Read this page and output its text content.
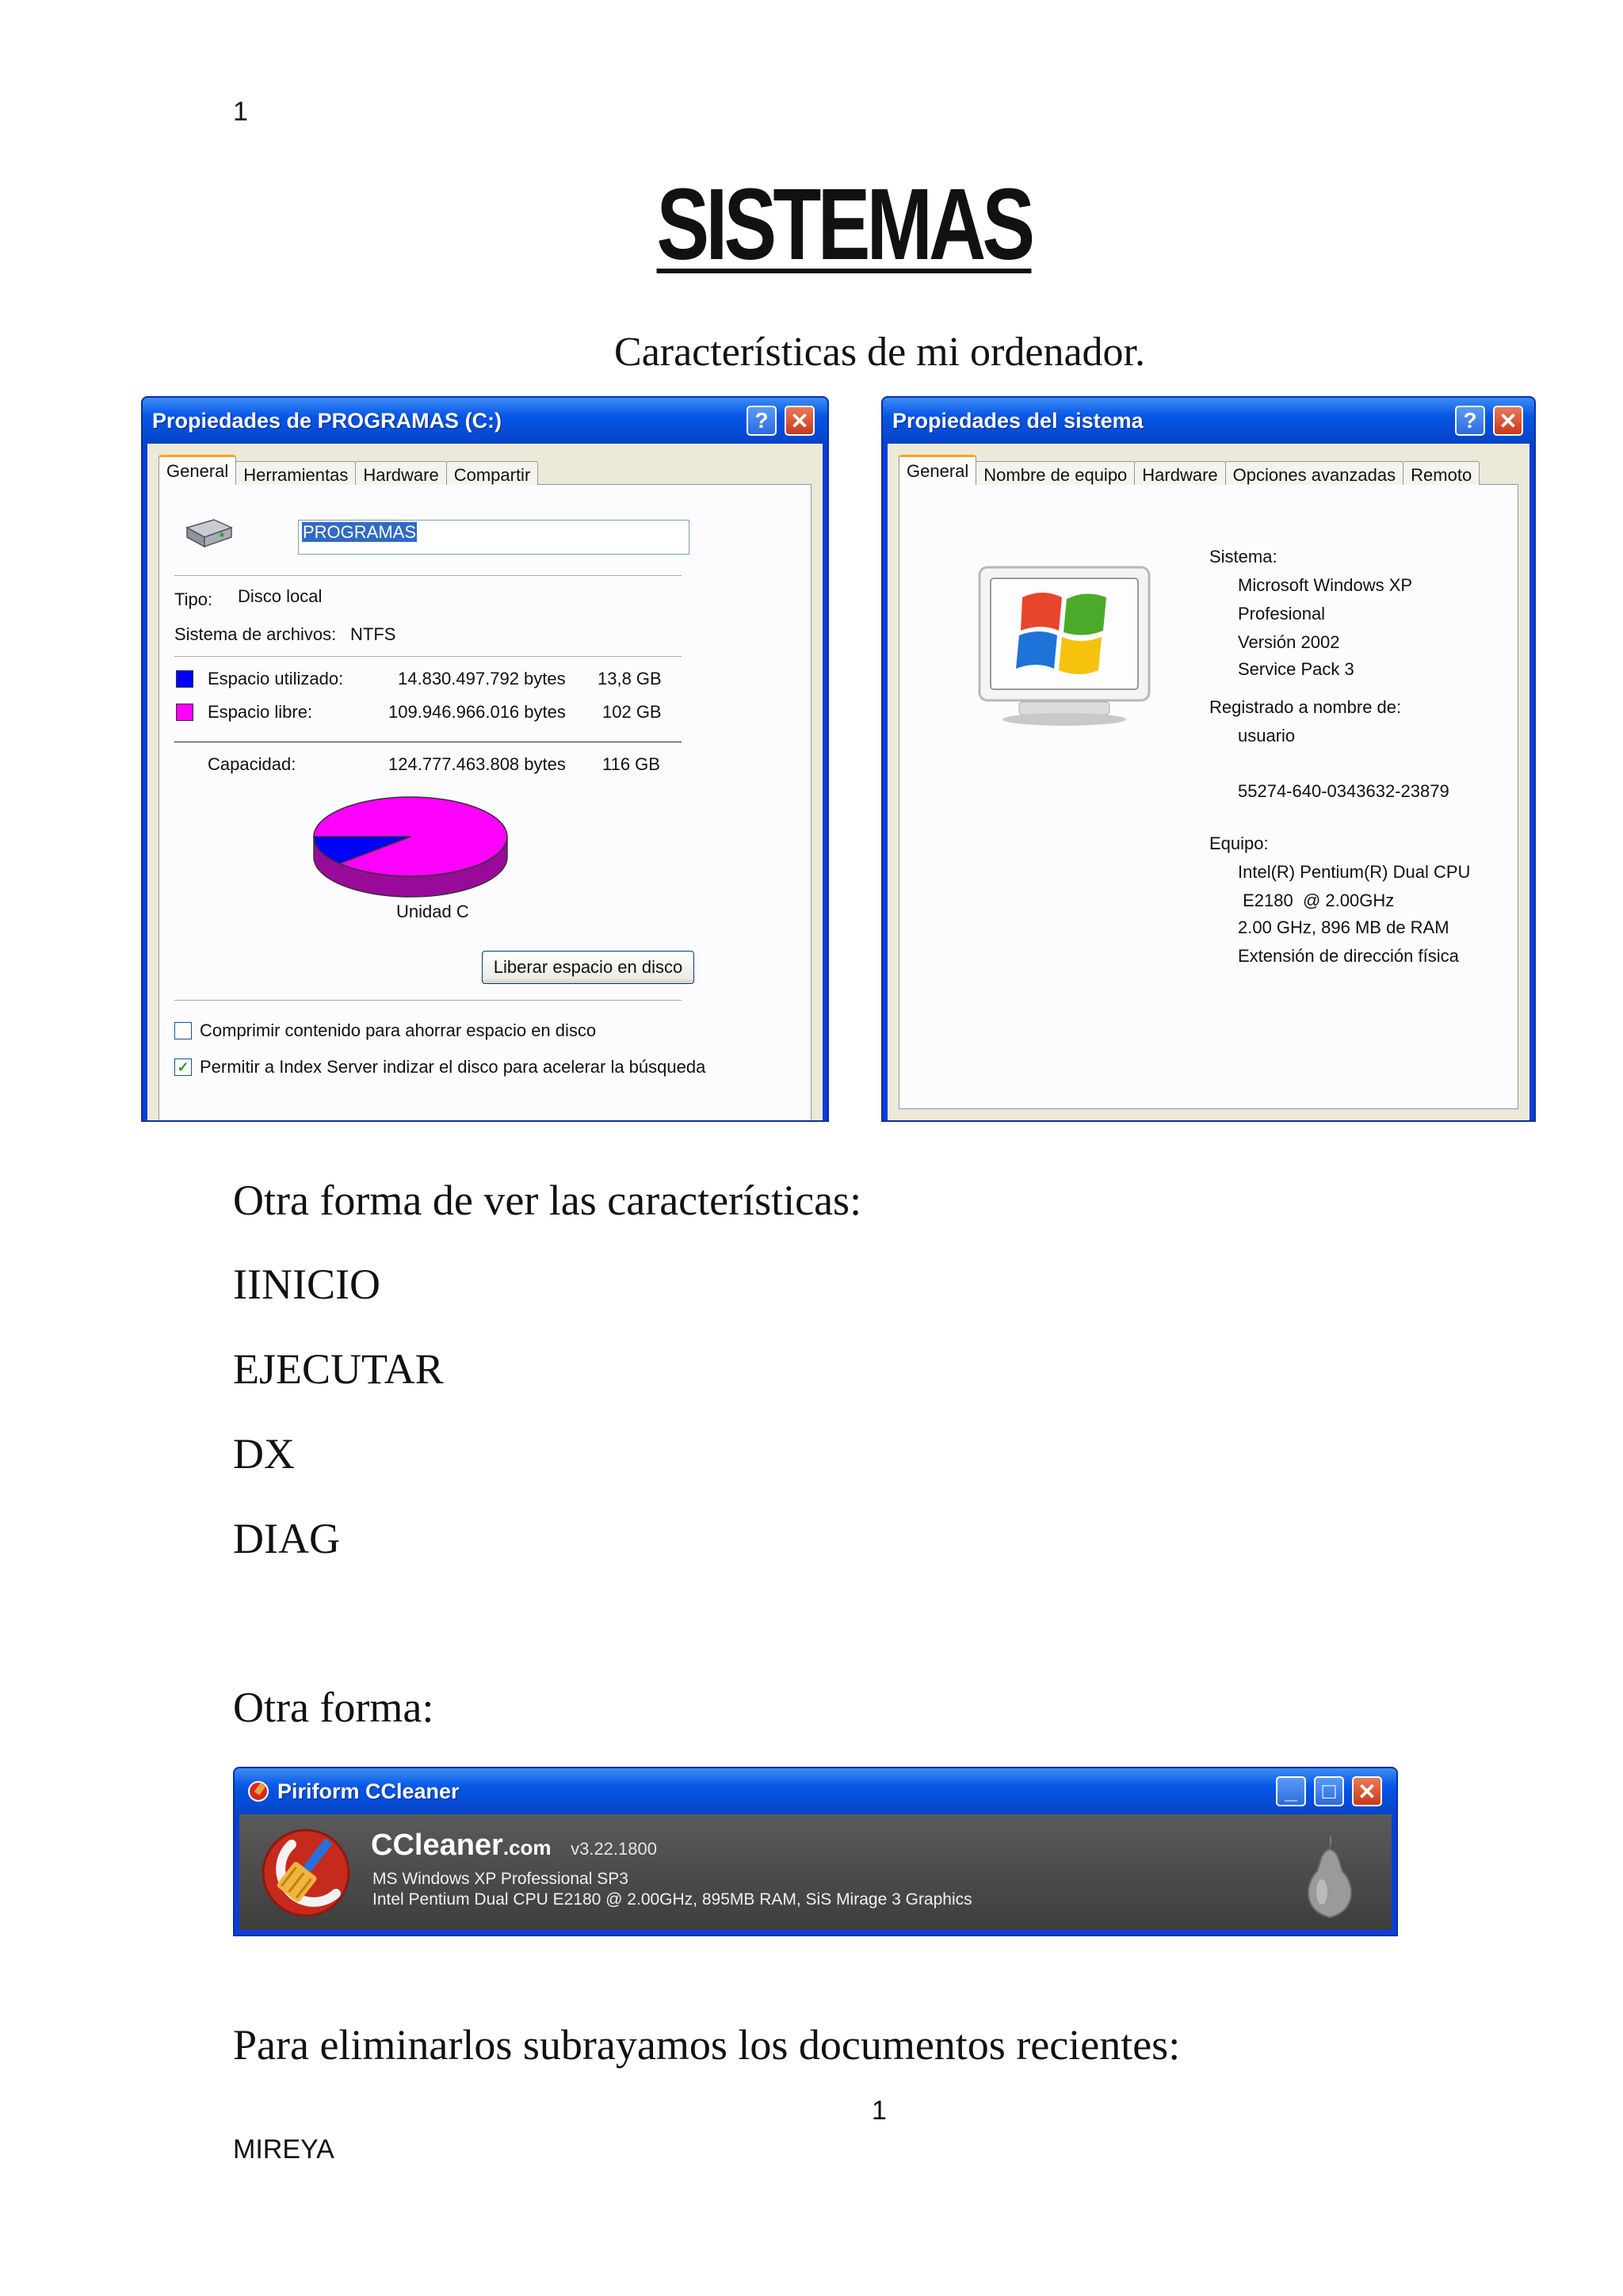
1
SISTEMAS
Características de mi ordenador.
Propiedades de PROGRAMAS (C:)	? ✕
General Herramientas Hardware Compartir
PROGRAMAS
Tipo: Disco local
Sistema de archivos: NTFS
Espacio utilizado:	14.830.497.792 bytes 13,8 GB
Espacio libre:	109.946.966.016 bytes 102 GB
Capacidad:	124.777.463.808 bytes 116 GB
Unidad C
Liberar espacio en disco
Comprimir contenido para ahorrar espacio en disco
✓ Permitir a Index Server indizar el disco para acelerar la búsqueda
Propiedades del sistema	? ✕
General Nombre de equipo Hardware Opciones avanzadas Remoto
Sistema:
Microsoft Windows XP
Profesional
Versión 2002
Service Pack 3
Registrado a nombre de:
usuario
55274-640-0343632-23879
Equipo:
Intel(R) Pentium(R) Dual CPU
E2180  @ 2.00GHz
2.00 GHz, 896 MB de RAM
Extensión de dirección física
Otra forma de ver las características:
IINICIO
EJECUTAR
DX
DIAG
Otra forma:
Piriform CCleaner	_	□ ✕
CCleaner.com v3.22.1800
MS Windows XP Professional SP3
Intel Pentium Dual CPU E2180 @ 2.00GHz, 895MB RAM, SiS Mirage 3 Graphics
Para eliminarlos subrayamos los documentos recientes:
1
MIREYA
